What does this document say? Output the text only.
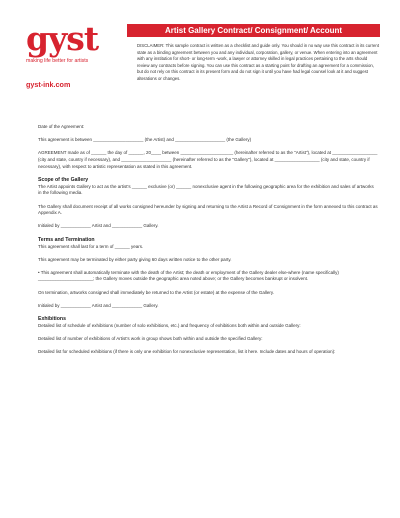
gyst
making life better for artists
gyst-ink.com
Artist Gallery Contract/ Consignment/ Account
DISCLAIMER: This sample contract is written as a checklist and guide only. You should in no way use this contract in its current state as a binding agreement between you and any individual, corporation, gallery, or venue. When entering into an agreement with any institution for short- or long-term -work, a lawyer or attorney skilled in legal practices pertaining to the arts should review any contracts before signing. You can use this contract as a starting point for drafting an agreement for a commission, but do not rely on this contract in its present form and do not sign it until you have had legal counsel look at it and suggest alterations or changes.

Date of the Agreement:

This agreement is between ____________________ (the Artist) and ____________________ (the Gallery)

AGREEMENT made as of ______ the day of ______, 20____ between _____________________ (hereinafter referred to as the "Artist"), located at __________________ (city and state, country if necessary), and ____________________ (hereinafter referred to as the "Gallery"), located at __________________ (city and state, country if necessary), with respect to artistic representation as stated in this agreement.

Scope of the Gallery

The Artist appoints Gallery to act as the artist's ______ exclusive (or) ______ nonexclusive agent in the following geographic area for the exhibition and sales of artworks in the following media.

The Gallery shall document receipt of all works consigned hereunder by signing and returning to the Artist a Record of Consignment in the form annexed to this contract as Appendix A.

Initialed by ____________ Artist and ____________ Gallery.

Terms and Termination

This agreement shall last for a term of ______ years.

This agreement may be terminated by either party giving 60 days written notice to the other party.

• This agreement shall automatically terminate with the death of the Artist; the death or employment of the Gallery dealer else-where (name specifically) ______________________; the Gallery moves outside the geographic area noted above; or the Gallery becomes bankrupt or insolvent.

On termination, artworks consigned shall immediately be returned to the Artist (or estate) at the expense of the Gallery.

Initialed by ____________ Artist and ____________ Gallery.

Exhibitions

Detailed list of schedule of exhibitions (number of solo exhibitions, etc.) and frequency of exhibitions both within and outside Gallery:

Detailed list of number of exhibitions of Artist's work in group shows both within and outside the specified Gallery:

Detailed list for scheduled exhibitions (if there is only one exhibition for nonexclusive representation, list it here. Include dates and hours of operation):
